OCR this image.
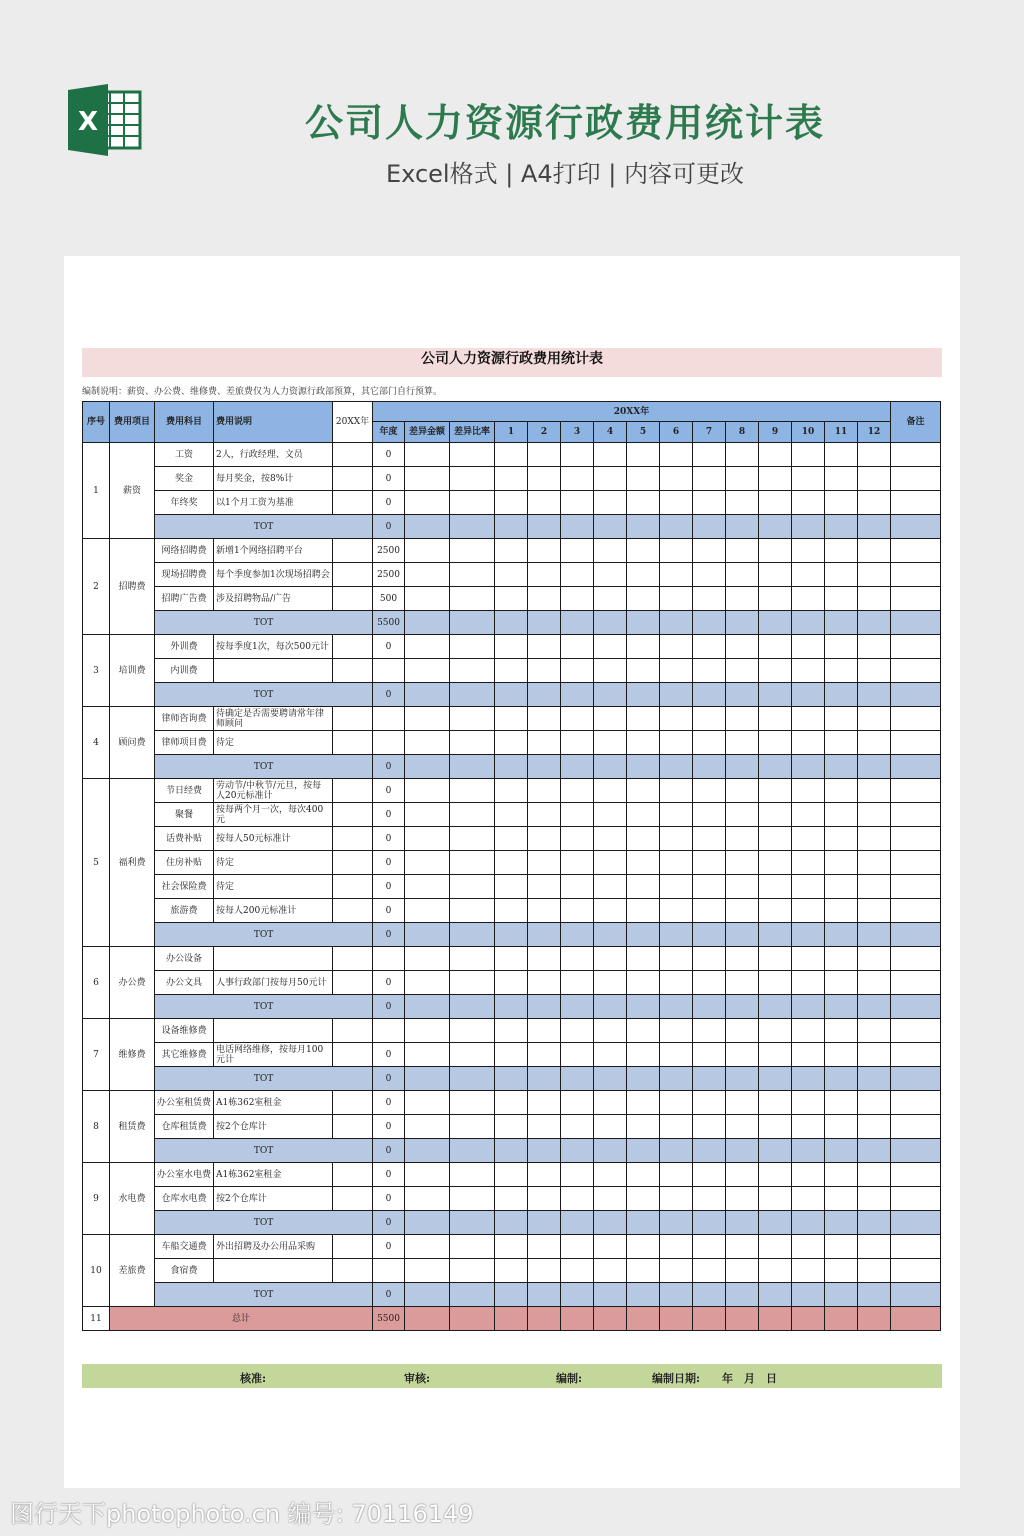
X	公司人力资源行政费用统计表
Excel格式 | A4打印 | 内容可更改
公司人力资源行政费用统计表
编制说明：薪资、办公费、维修费、差旅费仅为人力资源行政部预算，其它部门自行预算。
序号	费用项目	费用科目	费用说明	20XX年	20XX年															备注
					年度	差异金额	差异比率	1	2	3	4	5	6	7	8	9	10	11	12	
1	薪资	工资	2人，行政经理、文员		0															
		奖金	每月奖金，按8%计		0															
		年终奖	以1个月工资为基准		0															
		TOT			0															
2	招聘费	网络招聘费	新增1个网络招聘平台		2500															
		现场招聘费	每个季度参加1次现场招聘会		2500															
		招聘广告费	涉及招聘物品/广告		500															
		TOT			5500															
3	培训费	外训费	按每季度1次，每次500元计		0															
		内训费																		
		TOT			0															
4	顾问费	律师咨询费	待确定是否需要聘请常年律师顾问																	
		律师项目费	待定																	
		TOT			0															
5	福利费	节日经费	劳动节/中秋节/元旦，按每人20元标准计		0															
		聚餐	按每两个月一次，每次400元		0															
		话费补贴	按每人50元标准计		0															
		住房补贴	待定		0															
		社会保险费	待定		0															
		旅游费	按每人200元标准计		0															
		TOT			0															
6	办公费	办公设备																		
		办公文具	人事行政部门按每月50元计		0															
		TOT			0															
7	维修费	设备维修费																		
		其它维修费	电话网络维修，按每月100元计		0															
		TOT			0															
8	租赁费	办公室租赁费	A1栋362室租金		0															
		仓库租赁费	按2个仓库计		0															
		TOT			0															
9	水电费	办公室水电费	A1栋362室租金		0															
		仓库水电费	按2个仓库计		0															
		TOT			0															
10	差旅费	车船交通费	外出招聘及办公用品采购		0															
		食宿费																		
		TOT			0															
11	总计				5500															
核准:	审核:	编制:	编制日期:　　年　月　日
图行天下photophoto.cn 编号: 70116149
